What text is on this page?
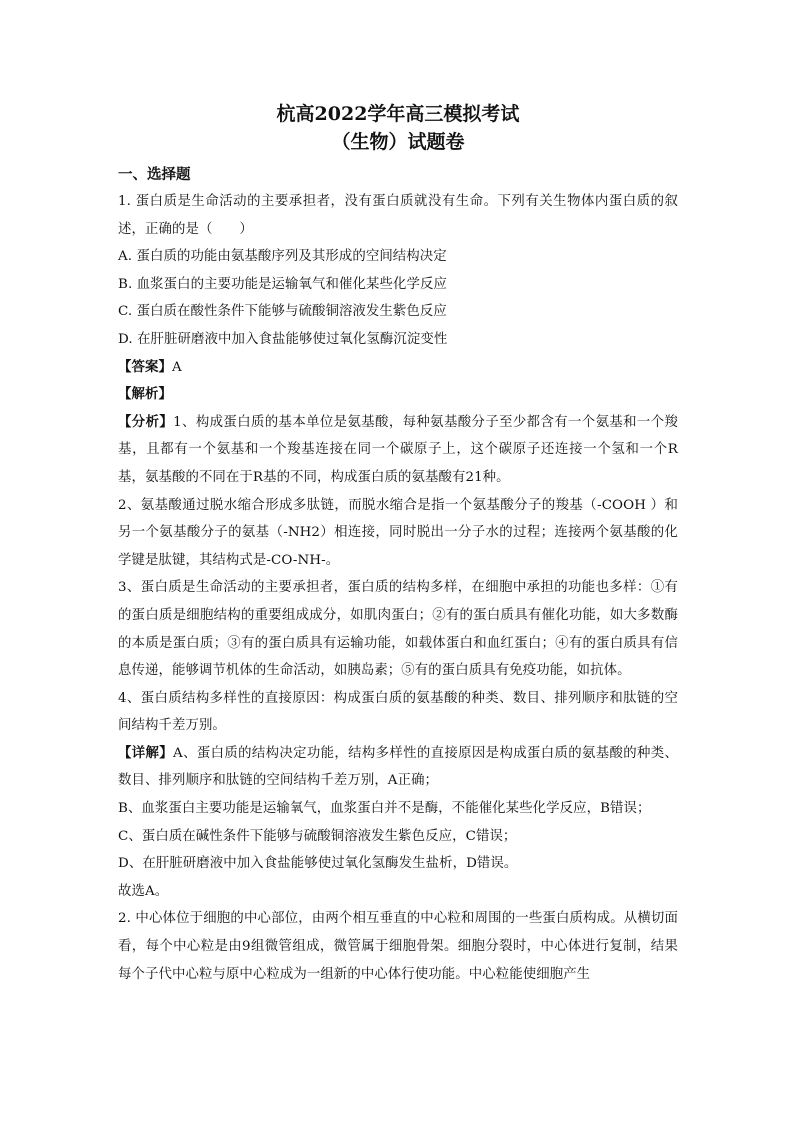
杭高2022学年高三模拟考试

（生物）试题卷

一、选择题

1. 蛋白质是生命活动的主要承担者，没有蛋白质就没有生命。下列有关生物体内蛋白质的叙述，正确的是（　　）

A. 蛋白质的功能由氨基酸序列及其形成的空间结构决定

B. 血浆蛋白的主要功能是运输氧气和催化某些化学反应

C. 蛋白质在酸性条件下能够与硫酸铜溶液发生紫色反应

D. 在肝脏研磨液中加入食盐能够使过氧化氢酶沉淀变性

【答案】A

【解析】

【分析】1、构成蛋白质的基本单位是氨基酸，每种氨基酸分子至少都含有一个氨基和一个羧基，且都有一个氨基和一个羧基连接在同一个碳原子上，这个碳原子还连接一个氢和一个R基，氨基酸的不同在于R基的不同，构成蛋白质的氨基酸有21种。

2、氨基酸通过脱水缩合形成多肽链，而脱水缩合是指一个氨基酸分子的羧基（-COOH ）和另一个氨基酸分子的氨基（-NH2）相连接，同时脱出一分子水的过程；连接两个氨基酸的化学键是肽键，其结构式是-CO-NH-。

3、蛋白质是生命活动的主要承担者，蛋白质的结构多样，在细胞中承担的功能也多样：①有的蛋白质是细胞结构的重要组成成分，如肌肉蛋白；②有的蛋白质具有催化功能，如大多数酶的本质是蛋白质；③有的蛋白质具有运输功能，如载体蛋白和血红蛋白；④有的蛋白质具有信息传递，能够调节机体的生命活动，如胰岛素；⑤有的蛋白质具有免疫功能，如抗体。

4、蛋白质结构多样性的直接原因：构成蛋白质的氨基酸的种类、数目、排列顺序和肽链的空间结构千差万别。

【详解】A、蛋白质的结构决定功能，结构多样性的直接原因是构成蛋白质的氨基酸的种类、数目、排列顺序和肽链的空间结构千差万别，A正确；

B、血浆蛋白主要功能是运输氧气，血浆蛋白并不是酶，不能催化某些化学反应，B错误；

C、蛋白质在碱性条件下能够与硫酸铜溶液发生紫色反应，C错误；

D、在肝脏研磨液中加入食盐能够使过氧化氢酶发生盐析，D错误。

故选A。

2. 中心体位于细胞的中心部位，由两个相互垂直的中心粒和周围的一些蛋白质构成。从横切面看，每个中心粒是由9组微管组成，微管属于细胞骨架。细胞分裂时，中心体进行复制，结果每个子代中心粒与原中心粒成为一组新的中心体行使功能。中心粒能使细胞产生
